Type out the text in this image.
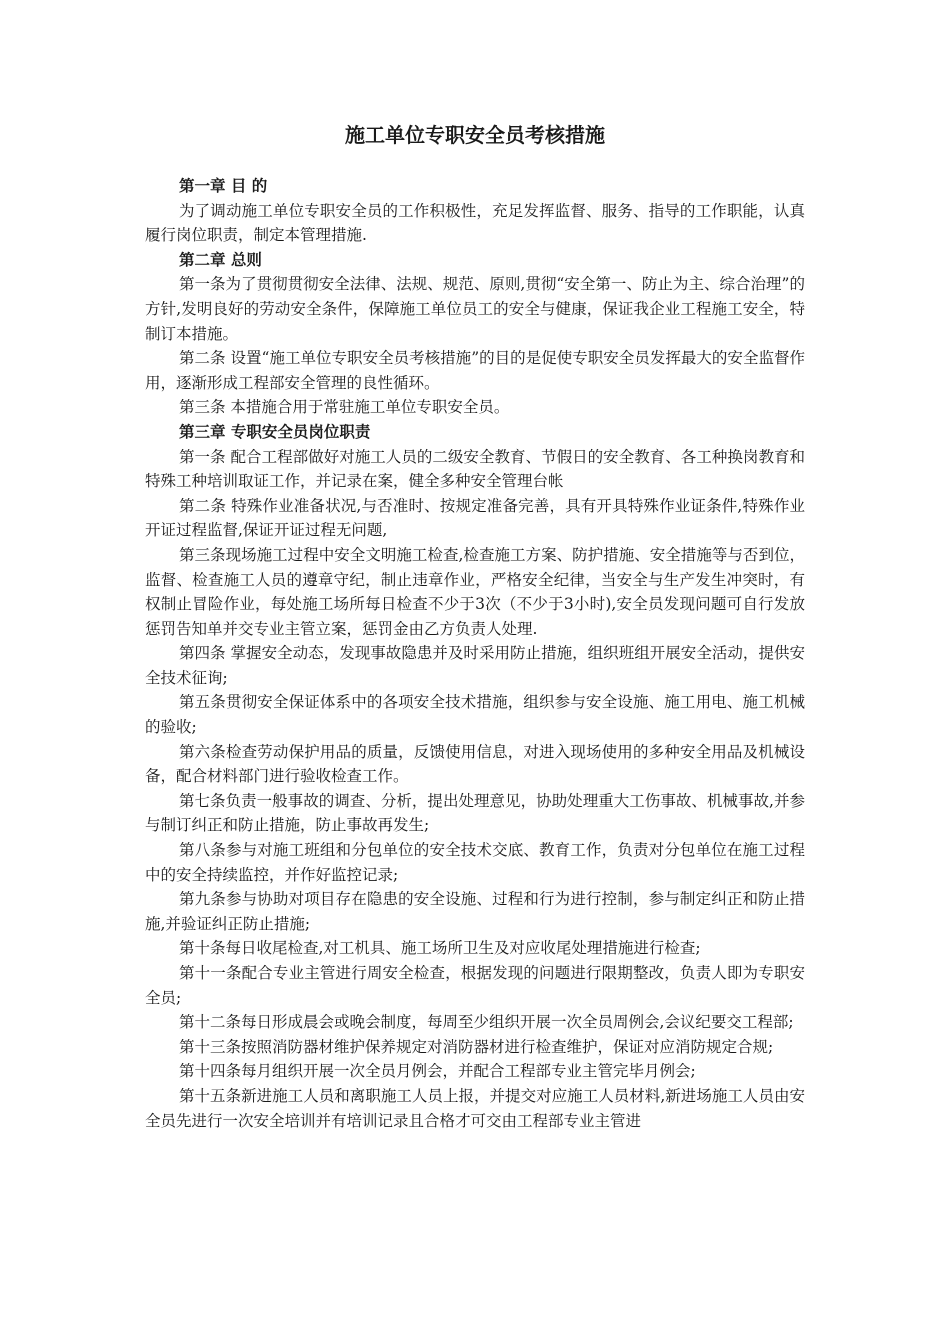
施工单位专职安全员考核措施

第一章 目 的

为了调动施工单位专职安全员的工作积极性，充足发挥监督、服务、指导的工作职能，认真履行岗位职责，制定本管理措施.

第二章 总则

第一条为了贯彻贯彻安全法律、法规、规范、原则,贯彻“安全第一、防止为主、综合治理”的方针,发明良好的劳动安全条件，保障施工单位员工的安全与健康，保证我企业工程施工安全，特制订本措施。

第二条 设置“施工单位专职安全员考核措施”的目的是促使专职安全员发挥最大的安全监督作用，逐渐形成工程部安全管理的良性循环。

第三条 本措施合用于常驻施工单位专职安全员。

第三章 专职安全员岗位职责

第一条 配合工程部做好对施工人员的二级安全教育、节假日的安全教育、各工种换岗教育和特殊工种培训取证工作，并记录在案，健全多种安全管理台帐

第二条 特殊作业准备状况,与否准时、按规定准备完善，具有开具特殊作业证条件,特殊作业开证过程监督,保证开证过程无问题,

第三条现场施工过程中安全文明施工检查,检查施工方案、防护措施、安全措施等与否到位，监督、检查施工人员的遵章守纪，制止违章作业，严格安全纪律，当安全与生产发生冲突时，有权制止冒险作业，每处施工场所每日检查不少于3次（不少于3小时),安全员发现问题可自行发放惩罚告知单并交专业主管立案，惩罚金由乙方负责人处理.

第四条 掌握安全动态，发现事故隐患并及时采用防止措施，组织班组开展安全活动，提供安全技术征询;

第五条贯彻安全保证体系中的各项安全技术措施，组织参与安全设施、施工用电、施工机械的验收;

第六条检查劳动保护用品的质量，反馈使用信息，对进入现场使用的多种安全用品及机械设备，配合材料部门进行验收检查工作。

第七条负责一般事故的调查、分析，提出处理意见，协助处理重大工伤事故、机械事故,并参与制订纠正和防止措施，防止事故再发生;

第八条参与对施工班组和分包单位的安全技术交底、教育工作，负责对分包单位在施工过程中的安全持续监控，并作好监控记录;

第九条参与协助对项目存在隐患的安全设施、过程和行为进行控制，参与制定纠正和防止措施,并验证纠正防止措施;

第十条每日收尾检查,对工机具、施工场所卫生及对应收尾处理措施进行检查;

第十一条配合专业主管进行周安全检查，根据发现的问题进行限期整改，负责人即为专职安全员;

第十二条每日形成晨会或晚会制度，每周至少组织开展一次全员周例会,会议纪要交工程部;

第十三条按照消防器材维护保养规定对消防器材进行检查维护，保证对应消防规定合规;

第十四条每月组织开展一次全员月例会，并配合工程部专业主管完毕月例会;

第十五条新进施工人员和离职施工人员上报，并提交对应施工人员材料,新进场施工人员由安全员先进行一次安全培训并有培训记录且合格才可交由工程部专业主管进
